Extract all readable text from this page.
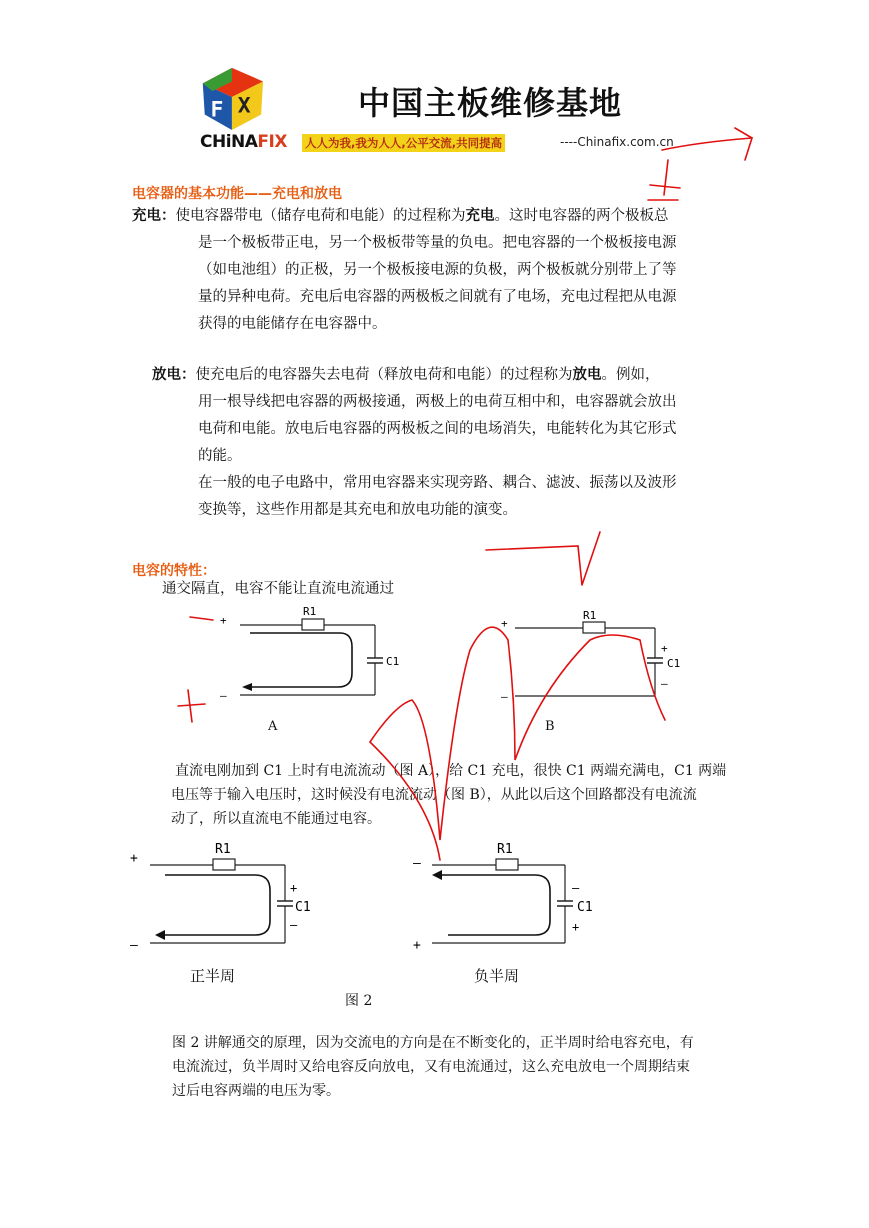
F X	中国主板维修基地
CHiNAFIX 人人为我,我为人人,公平交流,共同提高	----Chinafix.com.cn
电容器的基本功能——充电和放电
充电：使电容器带电（储存电荷和电能）的过程称为充电。这时电容器的两个极板总
是一个极板带正电，另一个极板带等量的负电。把电容器的一个极板接电源
（如电池组）的正极，另一个极板接电源的负极，两个极板就分别带上了等
量的异种电荷。充电后电容器的两极板之间就有了电场，充电过程把从电源
获得的电能储存在电容器中。
放电：使充电后的电容器失去电荷（释放电荷和电能）的过程称为放电。例如，
用一根导线把电容器的两极接通，两极上的电荷互相中和，电容器就会放出
电荷和电能。放电后电容器的两极板之间的电场消失，电能转化为其它形式
的能。
在一般的电子电路中，常用电容器来实现旁路、耦合、滤波、振荡以及波形
变换等，这些作用都是其充电和放电功能的演变。
电容的特性：
通交隔直，电容不能让直流电流通过
+
–
R1
C1
A
+
–
R1
+
–
C1
B
直流电刚加到 C1 上时有电流流动（图 A），给 C1 充电，很快 C1 两端充满电，C1 两端
电压等于输入电压时，这时候没有电流流动（图 B），从此以后这个回路都没有电流流
动了，所以直流电不能通过电容。
+
–
R1
+
–
C1
正半周
–
+
R1
–
+
C1
负半周
图 2
图 2 讲解通交的原理，因为交流电的方向是在不断变化的，正半周时给电容充电，有
电流流过，负半周时又给电容反向放电，又有电流通过，这么充电放电一个周期结束
过后电容两端的电压为零。
